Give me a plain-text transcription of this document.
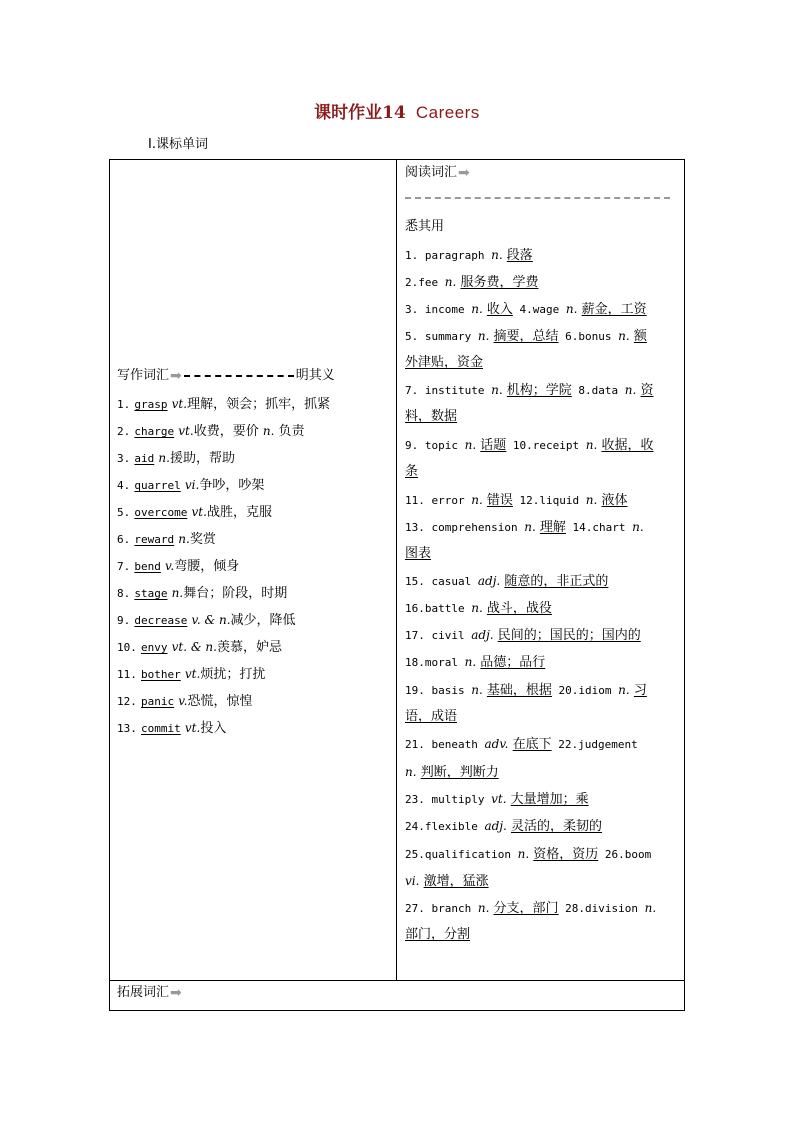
课时作业14 Careers
Ⅰ.课标单词
写作词汇➡	明其义
1. grasp vt.理解，领会；抓牢，抓紧
2. charge vt.收费，要价 n. 负责
3. aid n.援助，帮助
4. quarrel vi.争吵，吵架
5. overcome vt.战胜，克服
6. reward n.奖赏
7. bend v.弯腰，倾身
8. stage n.舞台；阶段，时期
9. decrease v. & n.减少，降低
10. envy vt. & n.羡慕，妒忌
11. bother vt.烦扰；打扰
12. panic v.恐慌，惊惶
13. commit vt.投入
阅读词汇➡
悉其用
1. paragraph n. 段落
2.fee n. 服务费，学费
3. income n. 收入 4.wage n. 薪金，工资
5. summary n. 摘要，总结 6.bonus n. 额
外津贴，资金
7. institute n. 机构；学院 8.data n. 资
料，数据
9. topic n. 话题 10.receipt n. 收据，收
条
11. error n. 错误 12.liquid n. 液体
13. comprehension n. 理解 14.chart n.
图表
15. casual adj. 随意的，非正式的
16.battle n. 战斗，战役
17. civil adj. 民间的；国民的；国内的
18.moral n. 品德；品行
19. basis n. 基础，根据 20.idiom n. 习
语，成语
21. beneath adv. 在底下 22.judgement
n. 判断，判断力
23. multiply vt. 大量增加；乘
24.flexible adj. 灵活的，柔韧的
25.qualification n. 资格，资历 26.boom
vi. 激增，猛涨
27. branch n. 分支，部门 28.division n.
部门，分割
拓展词汇➡
